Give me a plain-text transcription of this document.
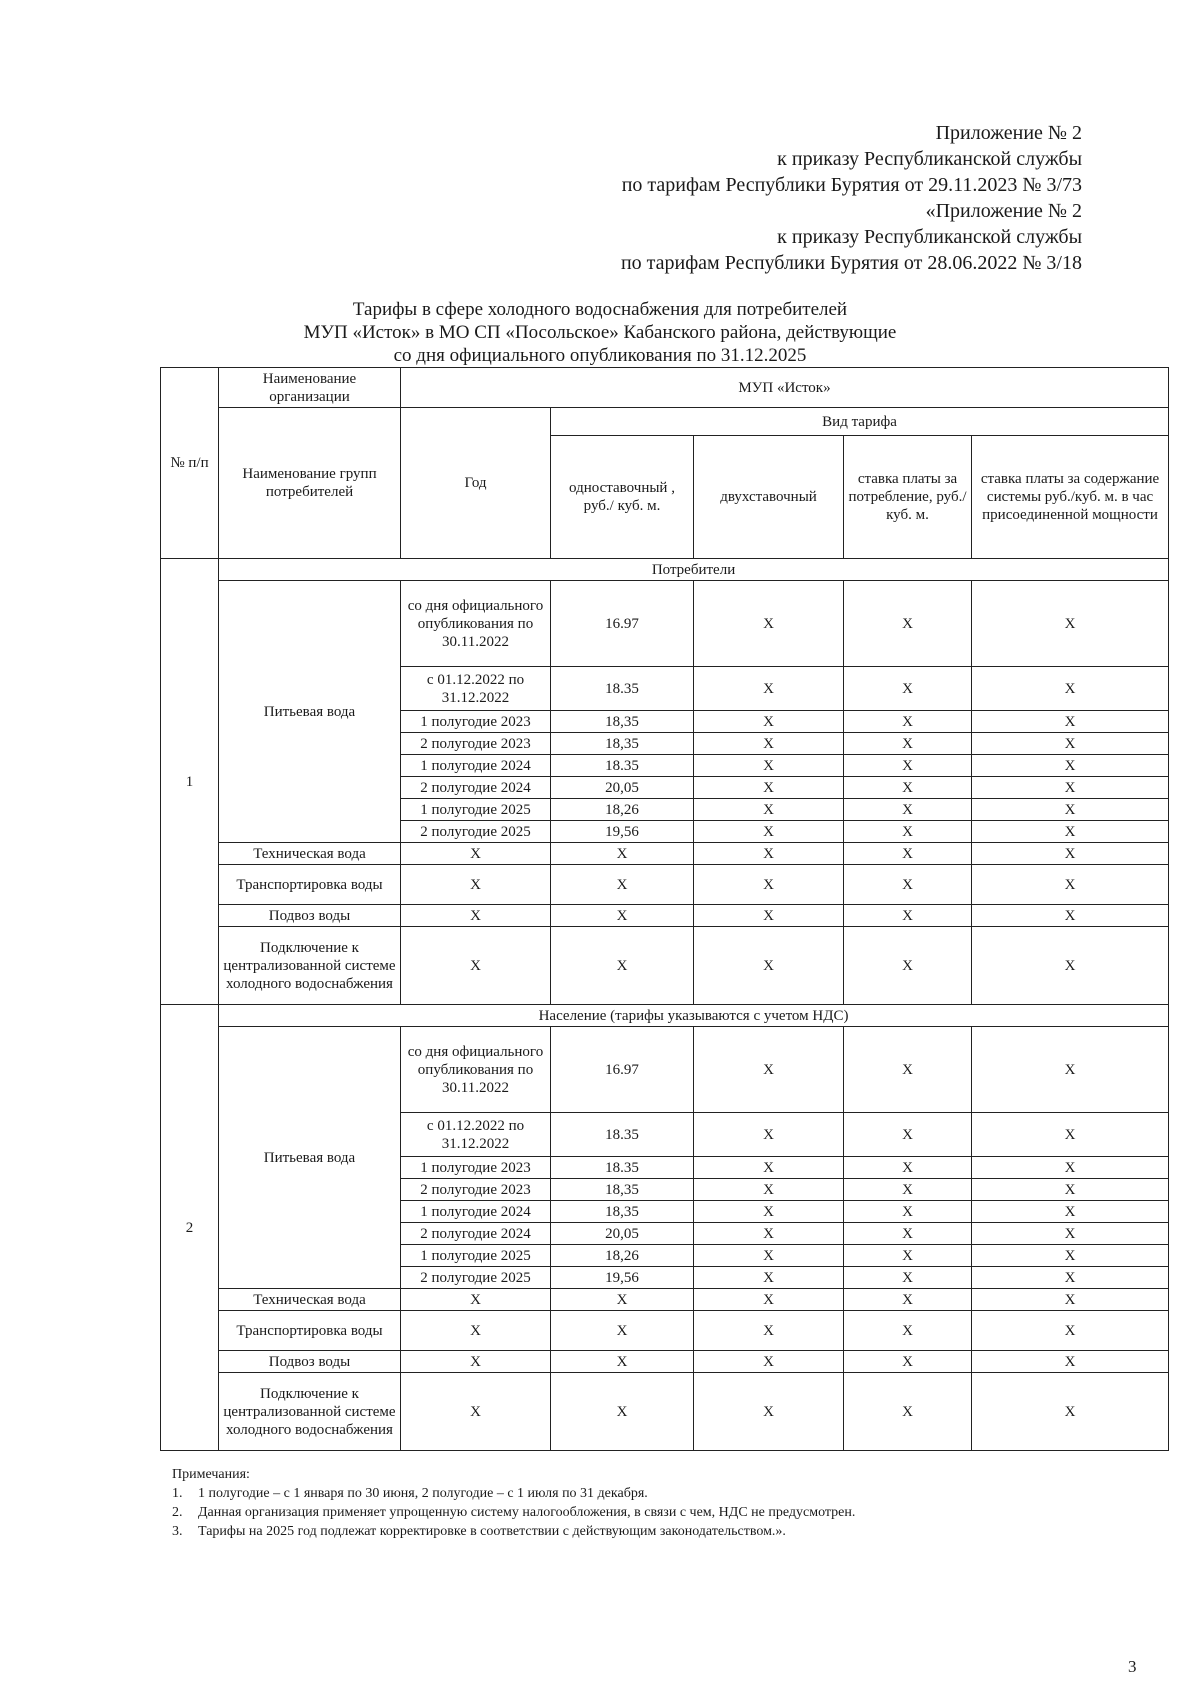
Приложение № 2
к приказу Республиканской службы
по тарифам Республики Бурятия от 29.11.2023 № 3/73
«Приложение № 2
к приказу Республиканской службы
по тарифам Республики Бурятия от 28.06.2022 № 3/18
Тарифы в сфере холодного водоснабжения для потребителей
МУП «Исток» в МО СП «Посольское» Кабанского района, действующие
со дня официального опубликования по 31.12.2025
№ п/п	Наименование организации	МУП «Исток»				
	Наименование групп потребителей	Год	Вид тарифа			
			одноставочный , руб./ куб. м.	двухставочный	ставка платы за потребление, руб./ куб. м.	ставка платы за содержание системы руб./куб. м. в час присоединенной мощности
1	Потребители					
	Питьевая вода	со дня официального опубликования по 30.11.2022	16.97	X	X	X
		с 01.12.2022 по 31.12.2022	18.35	X	X	X
		1 полугодие 2023	18,35	X	X	X
		2 полугодие 2023	18,35	X	X	X
		1 полугодие 2024	18.35	X	X	X
		2 полугодие 2024	20,05	X	X	X
		1 полугодие 2025	18,26	X	X	X
		2 полугодие 2025	19,56	X	X	X
	Техническая вода	X	X	X	X	X
	Транспортировка воды	X	X	X	X	X
	Подвоз воды	X	X	X	X	X
	Подключение к централизованной системе холодного водоснабжения	X	X	X	X	X
2	Население (тарифы указываются с учетом НДС)					
	Питьевая вода	со дня официального опубликования по 30.11.2022	16.97	X	X	X
		с 01.12.2022 по 31.12.2022	18.35	X	X	X
		1 полугодие 2023	18.35	X	X	X
		2 полугодие 2023	18,35	X	X	X
		1 полугодие 2024	18,35	X	X	X
		2 полугодие 2024	20,05	X	X	X
		1 полугодие 2025	18,26	X	X	X
		2 полугодие 2025	19,56	X	X	X
	Техническая вода	X	X	X	X	X
	Транспортировка воды	X	X	X	X	X
	Подвоз воды	X	X	X	X	X
	Подключение к централизованной системе холодного водоснабжения	X	X	X	X	X
Примечания:
1. 1 полугодие – с 1 января по 30 июня, 2 полугодие – с 1 июля по 31 декабря.
2. Данная организация применяет упрощенную систему налогообложения, в связи с чем, НДС не предусмотрен.
3. Тарифы на 2025 год подлежат корректировке в соответствии с действующим законодательством.».
3
